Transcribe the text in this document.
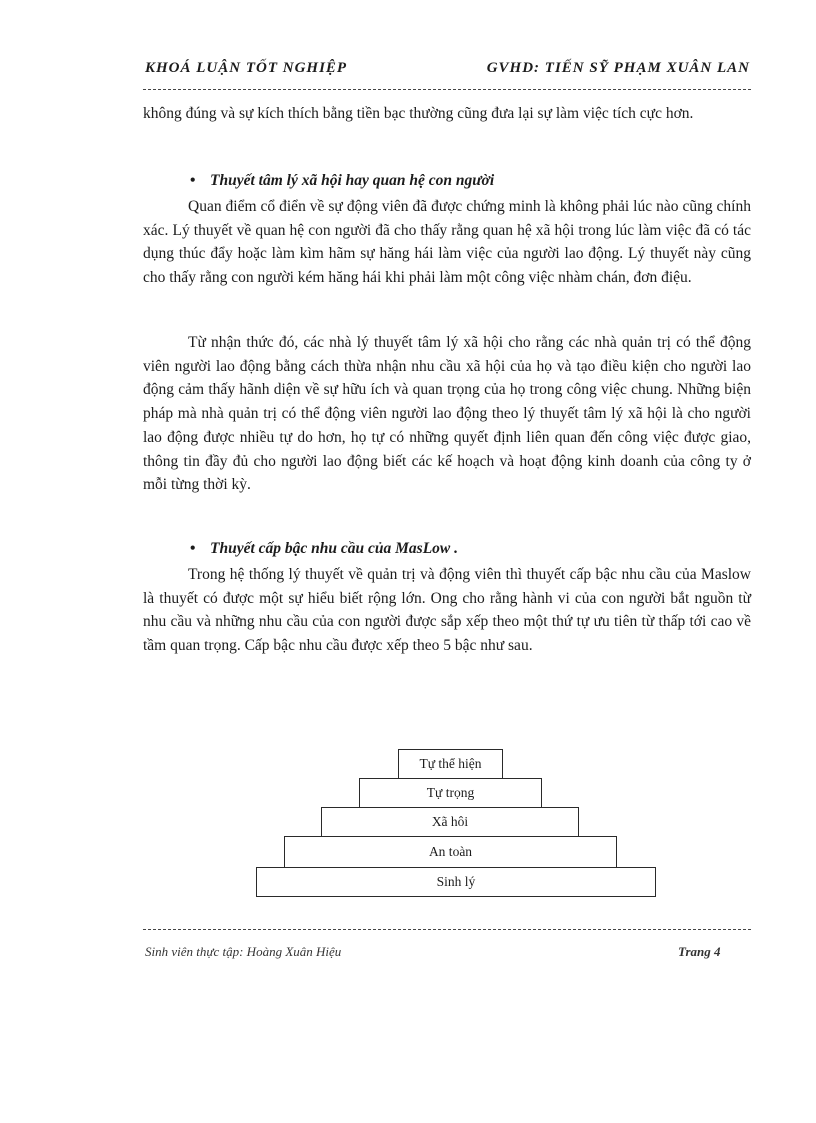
KHOÁ LUẬN TỐT NGHIỆP	GVHD: TIẾN SỸ PHẠM XUÂN LAN

không đúng và sự kích thích bằng tiền bạc thường cũng đưa lại sự làm việc tích cực hơn.

• Thuyết tâm lý xã hội hay quan hệ con người

Quan điểm cổ điển về sự động viên đã được chứng minh là không phải lúc nào cũng chính xác. Lý thuyết về quan hệ con người đã cho thấy rằng quan hệ xã hội trong lúc làm việc đã có tác dụng thúc đẩy hoặc làm kìm hãm sự hăng hái làm việc của người lao động. Lý thuyết này cũng cho thấy rằng con người kém hăng hái khi phải làm một công việc nhàm chán, đơn điệu.

Từ nhận thức đó, các nhà lý thuyết tâm lý xã hội cho rằng các nhà quản trị có thể động viên người lao động bằng cách thừa nhận nhu cầu xã hội của họ và tạo điều kiện cho người lao động cảm thấy hãnh diện về sự hữu ích và quan trọng của họ trong công việc chung. Những biện pháp mà nhà quản trị có thể động viên người lao động theo lý thuyết tâm lý xã hội là cho người lao động được nhiều tự do hơn, họ tự có những quyết định liên quan đến công việc được giao, thông tin đầy đủ cho người lao động biết các kế hoạch và hoạt động kinh doanh của công ty ở mỗi từng thời kỳ.

• Thuyết cấp bậc nhu cầu của MasLow .

Trong hệ thống lý thuyết về quản trị và động viên thì thuyết cấp bậc nhu cầu của Maslow là thuyết có được một sự hiểu biết rộng lớn. Ong cho rằng hành vi của con người bắt nguồn từ nhu cầu và những nhu cầu của con người được sắp xếp theo một thứ tự ưu tiên từ thấp tới cao về tầm quan trọng. Cấp bậc nhu cầu được xếp theo 5 bậc như sau.

Tự thể hiện
Tự trọng
Xã hôi
An toàn
Sinh lý
Sinh viên thực tập: Hoàng Xuân Hiệu	Trang 4
